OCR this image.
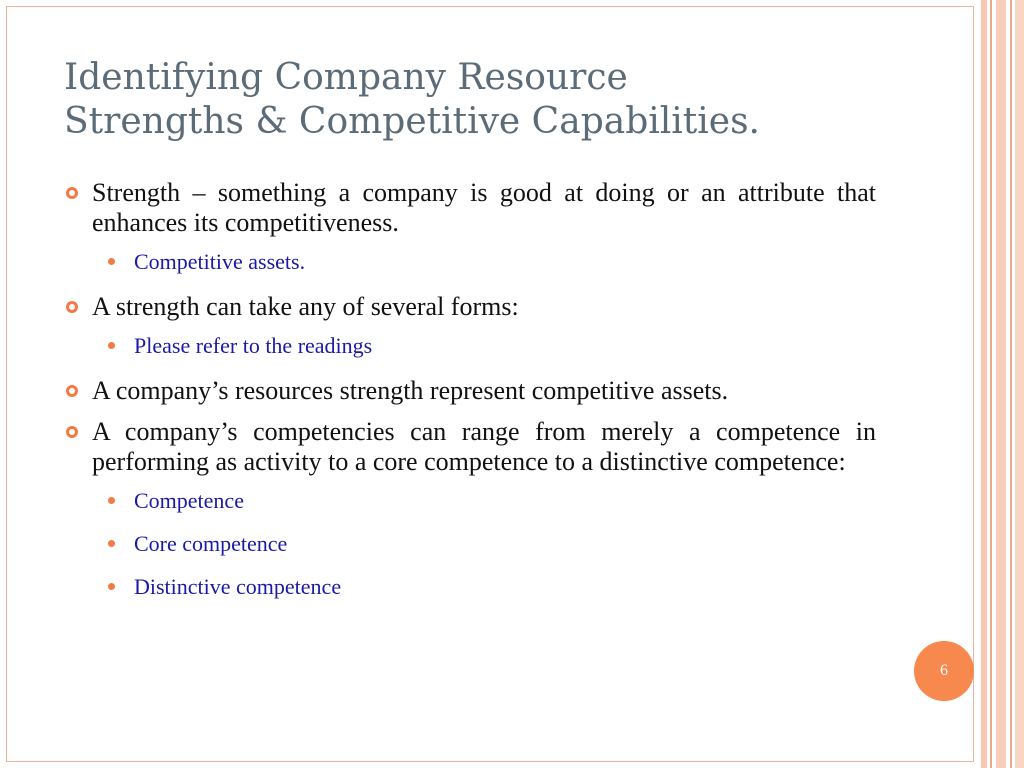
Identifying Company Resource
Strengths & Competitive Capabilities.

Strength – something a company is good at doing or an attribute that enhances its competitiveness.

Competitive assets.

A strength can take any of several forms:

Please refer to the readings

A company’s resources strength represent competitive assets.

A company’s competencies can range from merely a competence in performing as activity to a core competence to a distinctive competence:

Competence

Core competence

Distinctive competence

6
